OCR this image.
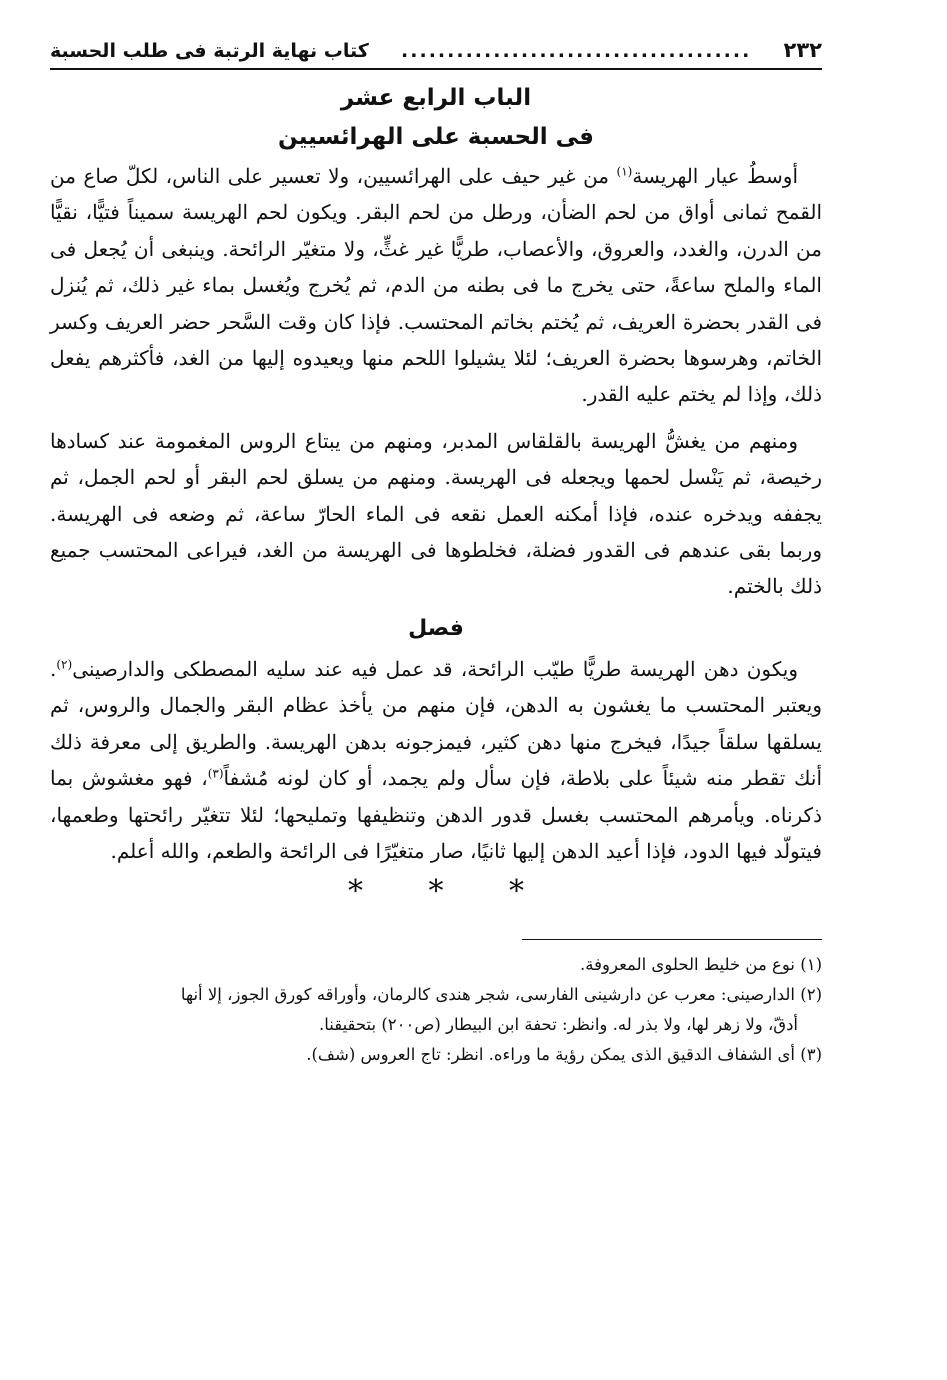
٢٣٢
......................................
كتاب نهاية الرتبة فى طلب الحسبة
الباب الرابع عشر
فى الحسبة على الهرائسيين

أوسطُ عيار الهريسة$^{(١)}$ من غير حيف على الهرائسيين، ولا تعسير على الناس، لكلّ صاع من القمح ثمانى أواق من لحم الضأن، ورطل من لحم البقر. ويكون لحم الهريسة سميناً فتيًّا، نقيًّا من الدرن، والغدد، والعروق، والأعصاب، طريًّا غير غثٍّ، ولا متغيّر الرائحة. وينبغى أن يُجعل فى الماء والملح ساعةً، حتى يخرج ما فى بطنه من الدم، ثم يُخرج ويُغسل بماء غير ذلك، ثم يُنزل فى القدر بحضرة العريف، ثم يُختم بخاتم المحتسب. فإذا كان وقت السَّحر حضر العريف وكسر الخاتم، وهرسوها بحضرة العريف؛ لئلا يشيلوا اللحم منها ويعيدوه إليها من الغد، فأكثرهم يفعل ذلك، وإذا لم يختم عليه القدر.

ومنهم من يغشُّ الهريسة بالقلقاس المدبر، ومنهم من يبتاع الروس المغمومة عند كسادها رخيصة، ثم يَنْسل لحمها ويجعله فى الهريسة. ومنهم من يسلق لحم البقر أو لحم الجمل، ثم يجففه ويدخره عنده، فإذا أمكنه العمل نقعه فى الماء الحارّ ساعة، ثم وضعه فى الهريسة. وربما بقى عندهم فى القدور فضلة، فخلطوها فى الهريسة من الغد، فيراعى المحتسب جميع ذلك بالختم.

فصل

ويكون دهن الهريسة طريًّا طيّب الرائحة، قد عمل فيه عند سليه المصطكى والدارصينى$^{(٢)}$. ويعتبر المحتسب ما يغشون به الدهن، فإن منهم من يأخذ عظام البقر والجمال والروس، ثم يسلقها سلقاً جيدًا، فيخرج منها دهن كثير، فيمزجونه بدهن الهريسة. والطريق إلى معرفة ذلك أنك تقطر منه شيئاً على بلاطة، فإن سأل ولم يجمد، أو كان لونه مُشفاً$^{(٣)}$، فهو مغشوش بما ذكرناه. ويأمرهم المحتسب بغسل قدور الدهن وتنظيفها وتمليحها؛ لئلا تتغيّر رائحتها وطعمها، فيتولّد فيها الدود، فإذا أعيد الدهن إليها ثانيًا، صار متغيّرًا فى الرائحة والطعم، والله أعلم.

* * *

(١) نوع من خليط الحلوى المعروفة.

(٢) الدارصينى: معرب عن دارشينى الفارسى، شجر هندى كالرمان، وأوراقه كورق الجوز، إلا أنها
أدقّ، ولا زهر لها، ولا بذر له. وانظر: تحفة ابن البيطار (ص٢٠٠) بتحقيقنا.

(٣) أى الشفاف الدقيق الذى يمكن رؤية ما وراءه. انظر: تاج العروس (شف).
